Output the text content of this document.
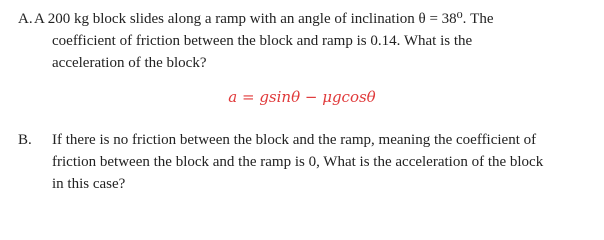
A. A 200 kg block slides along a ramp with an angle of inclination θ = 38⁰. The
coefficient of friction between the block and ramp is 0.14. What is the
acceleration of the block?
a = gsinθ − μgcosθ
B.	If there is no friction between the block and the ramp, meaning the coefficient of
friction between the block and the ramp is 0, What is the acceleration of the block
in this case?
